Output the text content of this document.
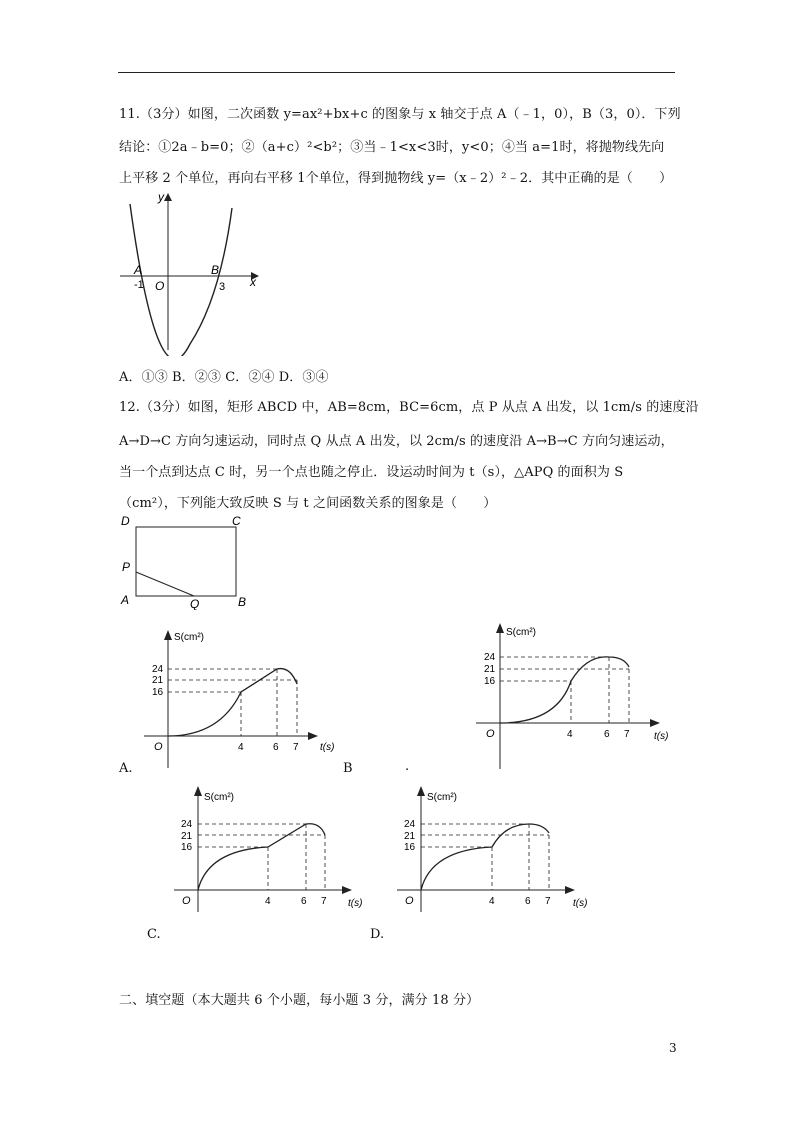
11.（3分）如图，二次函数 y=ax²+bx+c 的图象与 x 轴交于点 A（﹣1，0），B（3，0）．下列
结论：①2a﹣b=0；②（a+c）²<b²；③当﹣1<x<3时，y<0；④当 a=1时，将抛物线先向
上平移 2 个单位，再向右平移 1个单位，得到抛物线 y=（x﹣2）²﹣2．其中正确的是（　　）
y
x
A	B
O
-1	3
A．①③ B．②③ C．②④ D．③④
12.（3分）如图，矩形 ABCD 中，AB=8cm，BC=6cm，点 P 从点 A 出发，以 1cm/s 的速度沿
A→D→C 方向匀速运动，同时点 Q 从点 A 出发，以 2cm/s 的速度沿 A→B→C 方向匀速运动，
当一个点到达点 C 时，另一个点也随之停止．设运动时间为 t（s），△APQ 的面积为 S
（cm²），下列能大致反映 S 与 t 之间函数关系的图象是（　　）
D	C
P
A	Q	B
S(cm²)
t(s)
O
24
21
16
4	6 7
A.
S(cm²)
t(s)
O
24
21
16
4	6 7
B	.
S(cm²)
t(s)
O
24
21
16
4	6 7
C.
S(cm²)
t(s)
O
24
21
16
4	6 7
D.
二、填空题（本大题共 6 个小题，每小题 3 分，满分 18 分）
3
